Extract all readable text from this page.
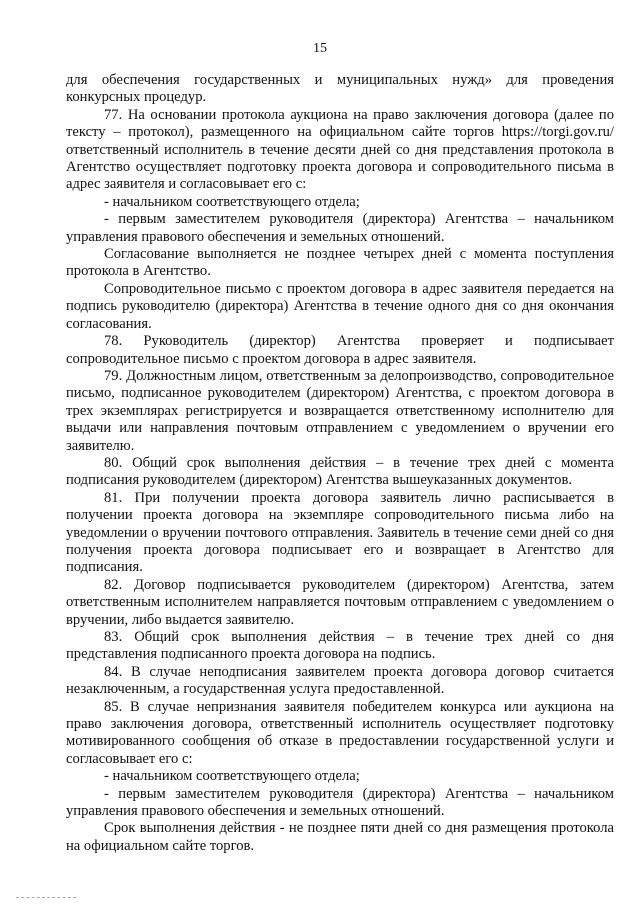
15

для обеспечения государственных и муниципальных нужд» для проведения конкурсных процедур.

77. На основании протокола аукциона на право заключения договора (далее по тексту – протокол), размещенного на официальном сайте торгов https://torgi.gov.ru/ответственный исполнитель в течение десяти дней со дня представления протокола в Агентство осуществляет подготовку проекта договора и сопроводительного письма в адрес заявителя и согласовывает его с:

- начальником соответствующего отдела;

- первым заместителем руководителя (директора) Агентства – начальником управления правового обеспечения и земельных отношений.

Согласование выполняется не позднее четырех дней с момента поступления протокола в Агентство.

Сопроводительное письмо с проектом договора в адрес заявителя передается на подпись руководителю (директора) Агентства в течение одного дня со дня окончания согласования.

78. Руководитель (директор) Агентства проверяет и подписывает сопроводительное письмо с проектом договора в адрес заявителя.

79. Должностным лицом, ответственным за делопроизводство, сопроводительное письмо, подписанное руководителем (директором) Агентства, с проектом договора в трех экземплярах регистрируется и возвращается ответственному исполнителю для выдачи или направления почтовым отправлением с уведомлением о вручении его заявителю.

80. Общий срок выполнения действия – в течение трех дней с момента подписания руководителем (директором) Агентства вышеуказанных документов.

81. При получении проекта договора заявитель лично расписывается в получении проекта договора на экземпляре сопроводительного письма либо на уведомлении о вручении почтового отправления. Заявитель в течение семи дней со дня получения проекта договора подписывает его и возвращает в Агентство для подписания.

82. Договор подписывается руководителем (директором) Агентства, затем ответственным исполнителем направляется почтовым отправлением с уведомлением о вручении, либо выдается заявителю.

83. Общий срок выполнения действия – в течение трех дней со дня представления подписанного проекта договора на подпись.

84. В случае неподписания заявителем проекта договора договор считается незаключенным, а государственная услуга предоставленной.

85. В случае непризнания заявителя победителем конкурса или аукциона на право заключения договора, ответственный исполнитель осуществляет подготовку мотивированного сообщения об отказе в предоставлении государственной услуги и согласовывает его с:

- начальником соответствующего отдела;

- первым заместителем руководителя (директора) Агентства – начальником управления правового обеспечения и земельных отношений.

Срок выполнения действия - не позднее пяти дней со дня размещения протокола на официальном сайте торгов.
